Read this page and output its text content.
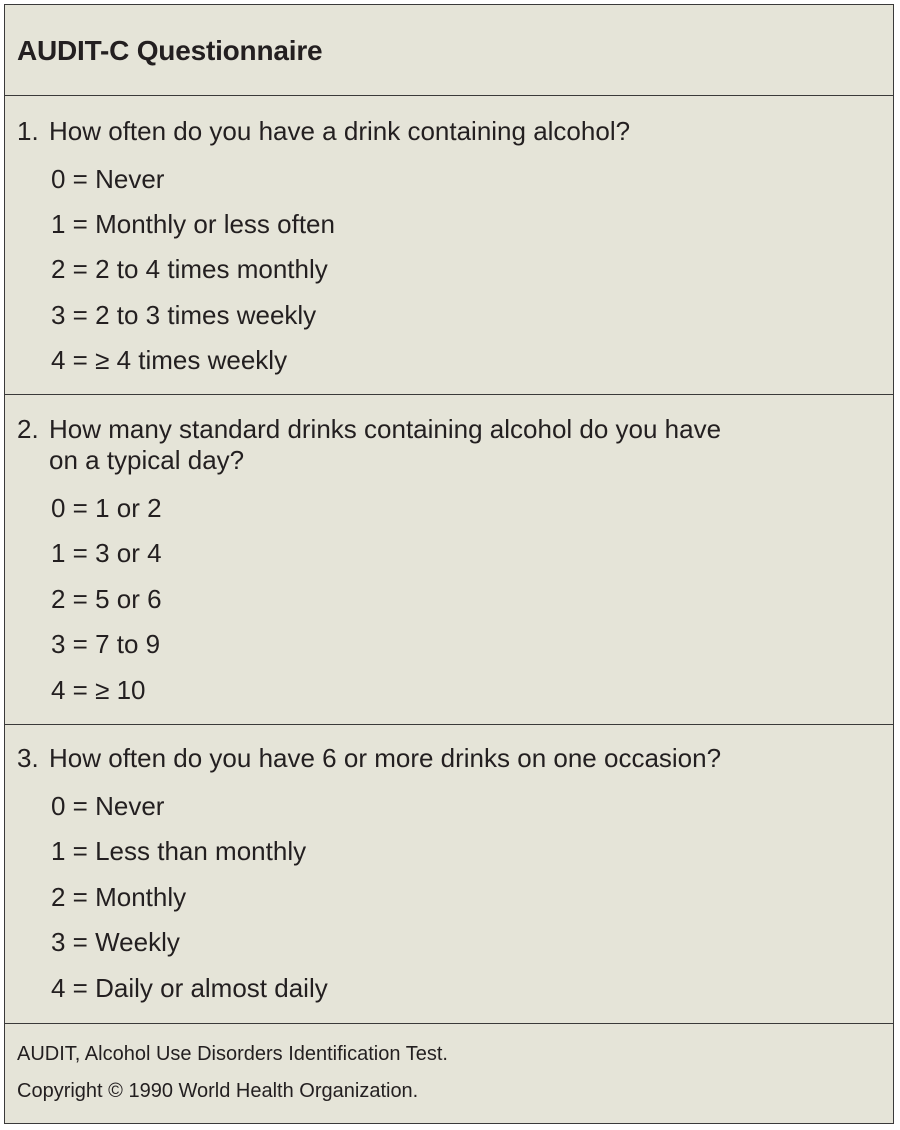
AUDIT-C Questionnaire
1. How often do you have a drink containing alcohol?
0 = Never
1 = Monthly or less often
2 = 2 to 4 times monthly
3 = 2 to 3 times weekly
4 = ≥ 4 times weekly
2. How many standard drinks containing alcohol do you have
on a typical day?
0 = 1 or 2
1 = 3 or 4
2 = 5 or 6
3 = 7 to 9
4 = ≥ 10
3. How often do you have 6 or more drinks on one occasion?
0 = Never
1 = Less than monthly
2 = Monthly
3 = Weekly
4 = Daily or almost daily
AUDIT, Alcohol Use Disorders Identification Test.
Copyright © 1990 World Health Organization.
